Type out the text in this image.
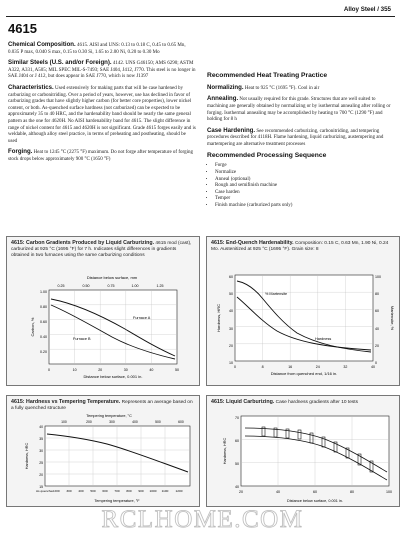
Alloy Steel / 355
4615

Chemical Composition. 4615. AISI and UNS: 0.13 to 0.18 C, 0.45 to 0.65 Mn, 0.035 P max, 0.040 S max, 0.15 to 0.30 Si, 1.65 to 2.00 Ni, 0.20 to 0.30 Mo

Similar Steels (U.S. and/or Foreign). 4142. UNS G46150; AMS 6290; ASTM A322, A331, A505; MIL SPEC MIL-S-7493; SAE J404, J412, J770. This steel is no longer in SAE J404 or J 412, but does appear in SAE J770, which is now J1397

Characteristics. Used extensively for making parts that will be case hardened by carburizing or carbonitriding. Over a period of years, however, use has declined in favor of carburizing grades that have slightly higher carbon (for better core properties), lower nickel content, or both. As-quenched surface hardness (not carburized) can be expected to be approximately 35 to 40 HRC, and the hardenability band should be nearly the same general pattern as the one for 4620H. No AISI hardenability band for 4615. The slight difference in range of nickel content for 4615 and 4620H is not significant. Grade 4615 forges easily and is weldable, although alloy steel practice, in terms of preheating and postheating, should be used

Forging. Heat to 1245 °C (2275 °F) maximum. Do not forge after temperature of forging stock drops below approximately 900 °C (1650 °F)

Recommended Heat Treating Practice

Normalizing. Heat to 925 °C (1695 °F). Cool in air

Annealing. Not usually required for this grade. Structures that are well suited to machining are generally obtained by normalizing or by isothermal annealing after rolling or forging. Isothermal annealing may be accomplished by heating to 700 °C (1290 °F) and holding for 8 h

Case Hardening. See recommended carburizing, carbonitriding, and tempering procedures described for 4118H. Flame hardening, liquid carburizing, austempering and martempering are alternative treatment processes

Recommended Processing Sequence
• Forge
• Normalize
• Anneal (optional)
• Rough and semifinish machine
• Case harden
• Temper
• Finish machine (carburized parts only)
4615: Carbon Gradients Produced by Liquid Carburizing. 4615 mod (cast), carburized at 925 °C (1695 °F) for 7 h. Indicates slight differences in gradients obtained in two furnaces using the same carburizing conditions
Distance below surface, mm
0.25	0.50	0.75	1.00	1.25
0.20
0.40
0.60
0.80
1.00
Carbon, %	Furnace A
Furnace B
0	10	20	30	40	50
Distance below surface, 0.001 in.
4615: End-Quench Hardenability. Composition: 0.15 C, 0.63 Mn, 1.90 Ni, 0.24 Mo. Austenitized at 925 °C (1695 °F). Grain size: 8
10
20
30
40
50
60
0
20
40
60
80
100
Hardness, HRC	Martensite, %
% Martensite
Hardness
0	8	16	24	32	40
Distance from quenched end, 1/16 in.
4615: Hardness vs Tempering Temperature. Represents an average based on a fully quenched structure
Tempering temperature, °C
100	200	300	400	500	600
15
20
25
30
35
40
Hardness, HRC
As quenched 200 300 400 500 600 700 800 900 1000 1100 1200
Tempering temperature, °F
4615: Liquid Carburizing. Case hardness gradients after 10 tests
40
50
60
70
Hardness, HRC
20	40	60	80	100
Distance below surface, 0.001 in.
RCLHOME.COM
